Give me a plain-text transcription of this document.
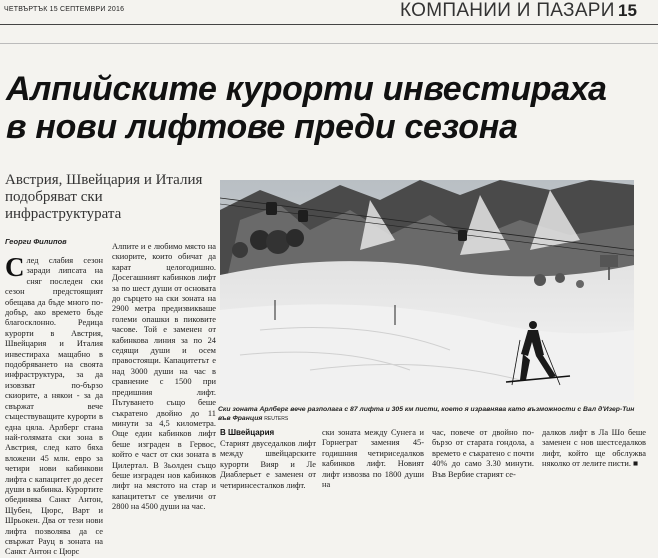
ЧЕТВЪРТЪК 15 СЕПТЕМВРИ 2016	КОМПАНИИ И ПАЗАРИ 15
Алпийските курорти инвестираха
в нови лифтове преди сезона
Австрия, Швейцария и Италия подобряват ски инфраструктурата
Георги Филипов

След слабия сезон заради липсата на сняг последен ски сезон предстоящият обещава да бъде много по-добър, ако времето бъде благосклонно. Редица курорти в Австрия, Швейцария и Италия инвестираха мащабно в подобряването на своята инфраструктура, за да изовзват по-бързо скиорите, а някои - за да свържат вече съществуващите курорти в една цяла. Арлберг стана най-голямата ски зона в Австрия, след като бяха вложени 45 млн. евро за четири нови кабинкови лифта с капацитет до десет души в кабинка. Курортите обединява Санкт Антон, Щубен, Цюрс, Варт и Шрьокен. Два от тези нови лифта позволява да се свържат Рауц в зоната на Санкт Антон с Цюрс

Алпите и е любимо място на скиорите, които обичат да карат целогодишно. Досегашният кабинков лифт за по шест души от основата до сърцето на ски зоната на 2900 метра предизвикваше големи опашки в пиковите часове. Той е заменен от кабинкова линия за по 24 седящи души и осем правостоящи. Капацитетът е над 3000 души на час в сравнение с 1500 при предишния лифт. Пътуването също беше съкратено двойно до 11 минути за 4,5 километра. Още един кабинков лифт беше изграден в Гервос, който е част от ски зоната в Цилертал. В Зьолден също беше изграден нов кабинков лифт на мястото на стар и капацитетът се увеличи от 2800 на 4500 души на час.

Ски зоната Арлберг вече разполага с 87 лифта и 305 км писти, което я изравнява като възможности с Вал д'Изер-Тин във Франция REUTERS
В Швейцария

Старият двуседалков лифт между швейцарските курорти Вияр и Ле Диаблерьет е заменен от четиринсесталков лифт.

ски зоната между Сунега и Горнеграт замения 45-годишния четириседалков кабинков лифт. Новият лифт извозва по 1800 души на

час, повече от двойно по-бързо от старата гондола, а времето е съкратено с почти 40% до само 3.30 минути. Във Вербие старият се-

далков лифт в Ла Шо беше заменен с нов шестседалков лифт, който ще обслужва няколко от лелите писти. ■
